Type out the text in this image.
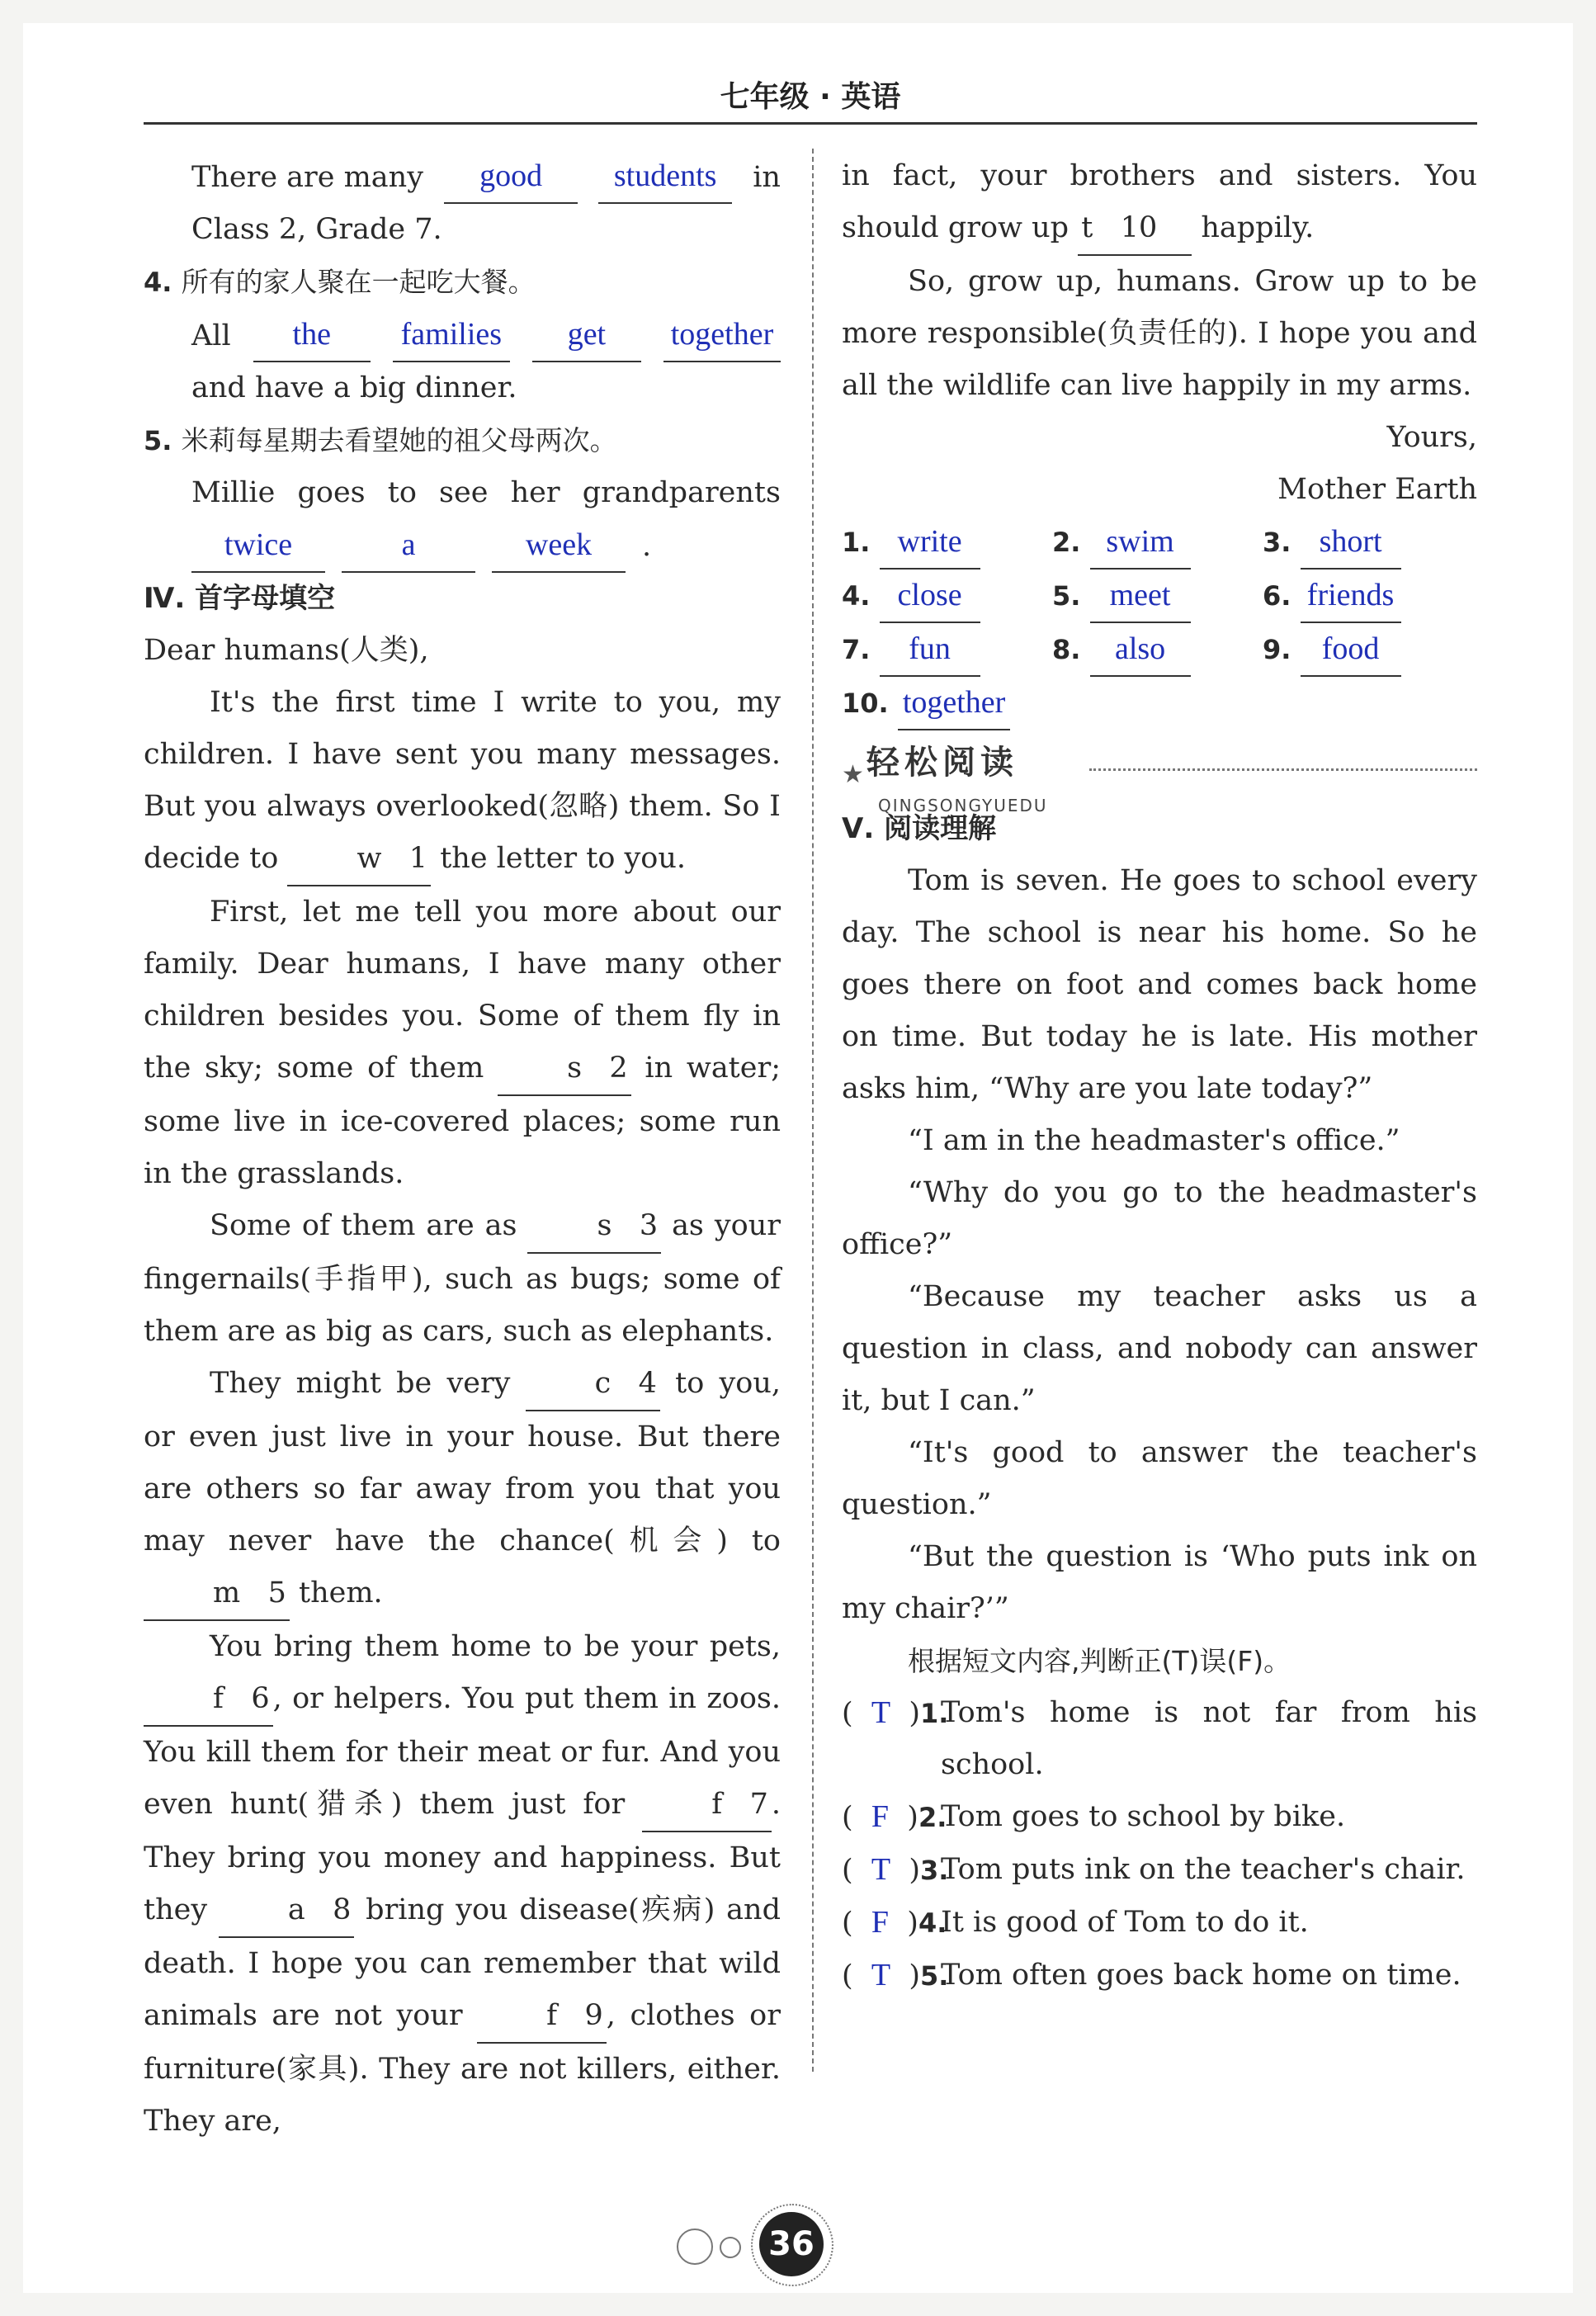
七年级 · 英语
There are many	good	students	in

Class 2, Grade 7.

4. 所有的家人聚在一起吃大餐。

All	the	families	get	together

and have a big dinner.

5. 米莉每星期去看望她的祖父母两次。

Millie goes to see her grandparents
twice	a	week	.

Ⅳ. 首字母填空

Dear humans(人类),

It's the first time I write to you, my children. I have sent you many messages. But you always overlooked(忽略) them. So I decide to	w 1 the letter to you.

First, let me tell you more about our family. Dear humans, I have many other children besides you. Some of them fly in the sky; some of them	s 2 in water; some live in ice-covered places; some run in the grasslands.

Some of them are as	s 3 as your fingernails(手指甲), such as bugs; some of them are as big as cars, such as elephants.

They might be very	c 4 to you, or even just live in your house. But there are others so far away from you that you may never have the chance(机会) to m 5 them.

You bring them home to be your pets, f 6 , or helpers. You put them in zoos. You kill them for their meat or fur. And you even hunt(猎杀) them just for	f 7 . They bring you money and happiness. But they	a 8 bring you disease(疾病) and death. I hope you can remember that wild animals are not your	f 9 , clothes or furniture(家具). They are not killers, either. They are,

in fact, your brothers and sisters. You should grow up t 10 happily.

So, grow up, humans. Grow up to be more responsible(负责任的). I hope you and all the wildlife can live happily in my arms.

Yours,

Mother Earth

1. write	2. swim	3. short
4. close	5. meet	6. friends
7. fun	8. also	9. food
10. together
★ 轻松阅读
QINGSONGYUEDU

Ⅴ. 阅读理解

Tom is seven. He goes to school every day. The school is near his home. So he goes there on foot and comes back home on time. But today he is late. His mother asks him, “Why are you late today?”

“I am in the headmaster's office.”

“Why do you go to the headmaster's office?”

“Because my teacher asks us a question in class, and nobody can answer it, but I can.”

“It's good to answer the teacher's question.”

“But the question is ‘Who puts ink on my chair?’”

根据短文内容,判断正(T)误(F)。

(  T  )1.
Tom's home is not far from his school.
(  F  )2.
Tom goes to school by bike.
(  T  )3.
Tom puts ink on the teacher's chair.
(  F  )4.
It is good of Tom to do it.
(  T  )5.
Tom often goes back home on time.
36
